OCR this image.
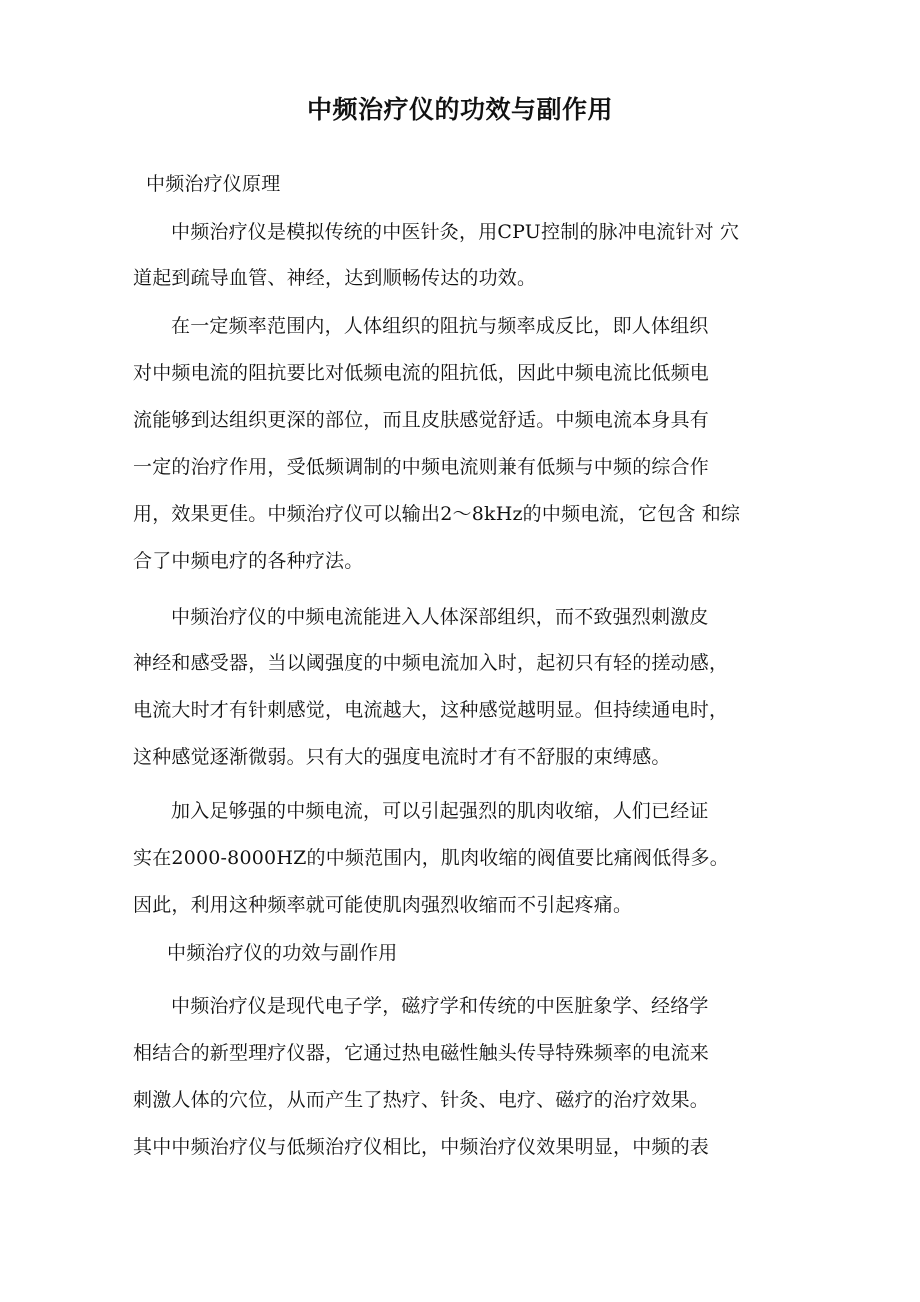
中频治疗仪的功效与副作用
中频治疗仪原理
中频治疗仪是模拟传统的中医针灸，用CPU控制的脉冲电流针对 穴
道起到疏导血管、神经，达到顺畅传达的功效。
在一定频率范围内，人体组织的阻抗与频率成反比，即人体组织
对中频电流的阻抗要比对低频电流的阻抗低，因此中频电流比低频电
流能够到达组织更深的部位，而且皮肤感觉舒适。中频电流本身具有
一定的治疗作用，受低频调制的中频电流则兼有低频与中频的综合作
用，效果更佳。中频治疗仪可以输出2〜8kHz的中频电流，它包含 和综
合了中频电疗的各种疗法。
中频治疗仪的中频电流能进入人体深部组织，而不致强烈刺激皮
神经和感受器，当以阈强度的中频电流加入时，起初只有轻的搓动感，
电流大时才有针刺感觉，电流越大，这种感觉越明显。但持续通电时，
这种感觉逐渐微弱。只有大的强度电流时才有不舒服的束缚感。
加入足够强的中频电流，可以引起强烈的肌肉收缩，人们已经证
实在2000-8000HZ的中频范围内，肌肉收缩的阀值要比痛阀低得多。
因此，利用这种频率就可能使肌肉强烈收缩而不引起疼痛。
中频治疗仪的功效与副作用
中频治疗仪是现代电子学，磁疗学和传统的中医脏象学、经络学
相结合的新型理疗仪器，它通过热电磁性触头传导特殊频率的电流来
刺激人体的穴位，从而产生了热疗、针灸、电疗、磁疗的治疗效果。
其中中频治疗仪与低频治疗仪相比，中频治疗仪效果明显，中频的表
